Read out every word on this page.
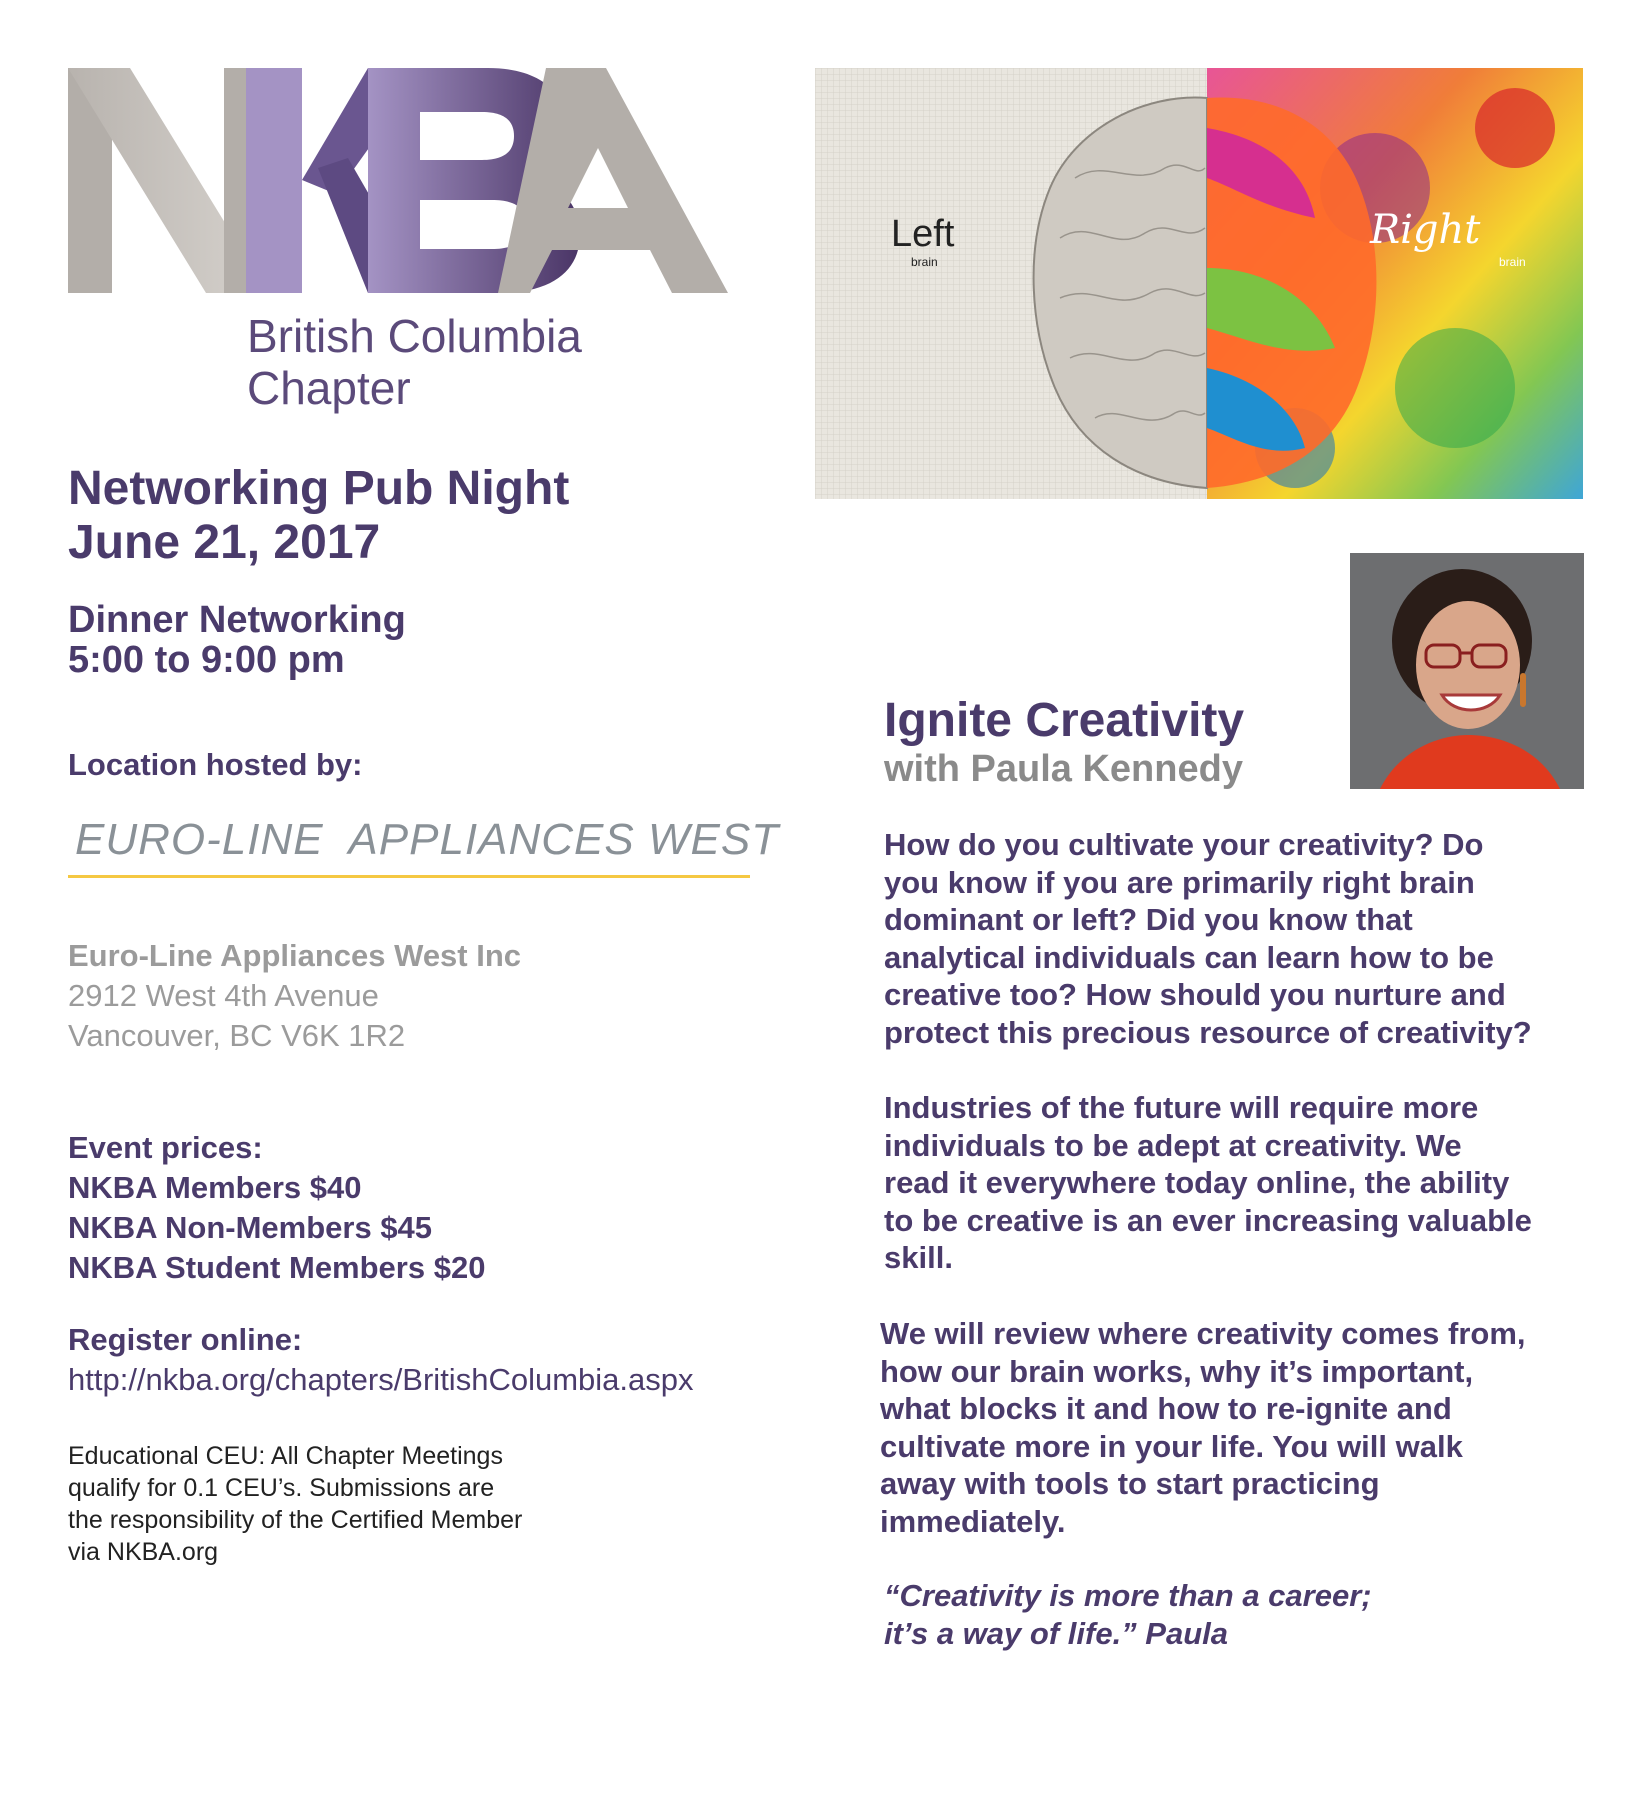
British Columbia
Chapter
Networking Pub Night
June 21, 2017
Dinner Networking
5:00 to 9:00 pm
Location hosted by:
EURO-LINE  APPLIANCES WEST
Euro-Line Appliances West Inc
2912 West 4th Avenue
Vancouver, BC V6K 1R2
Event prices:
NKBA Members $40
NKBA Non-Members $45
NKBA Student Members $20
Register online:
http://nkba.org/chapters/BritishColumbia.aspx
Educational CEU: All Chapter Meetings
qualify for 0.1 CEU’s. Submissions are
the responsibility of the Certified Member
via NKBA.org
Left
brain
Right
brain
Ignite Creativity
with Paula Kennedy
How do you cultivate your creativity? Do
you know if you are primarily right brain
dominant or left? Did you know that
analytical individuals can learn how to be
creative too? How should you nurture and
protect this precious resource of creativity?
Industries of the future will require more
individuals to be adept at creativity. We
read it everywhere today online, the ability
to be creative is an ever increasing valuable
skill.
We will review where creativity comes from,
how our brain works, why it’s important,
what blocks it and how to re-ignite and
cultivate more in your life. You will walk
away with tools to start practicing
immediately.
“Creativity is more than a career;
it’s a way of life.” Paula
